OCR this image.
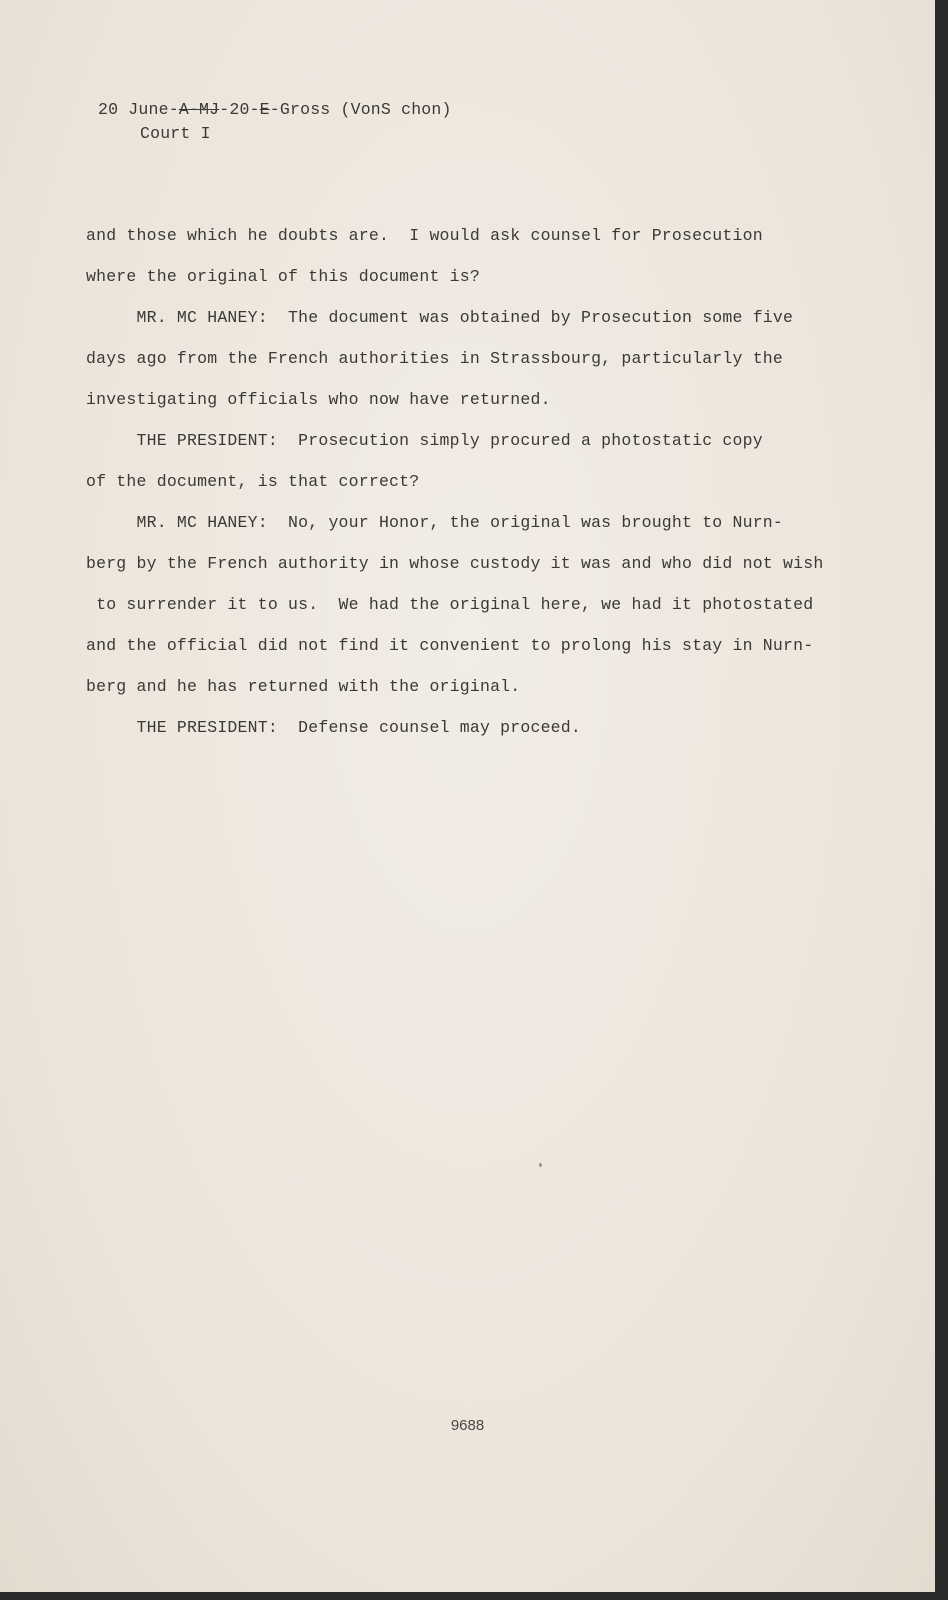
20 June-A-MJ-20-E-Gross (VonS chon)
Court I
and those which he doubts are.  I would ask counsel for Prosecution
where the original of this document is?
MR. MC HANEY:  The document was obtained by Prosecution some five
days ago from the French authorities in Strassbourg, particularly the
investigating officials who now have returned.
THE PRESIDENT:  Prosecution simply procured a photostatic copy
of the document, is that correct?
MR. MC HANEY:  No, your Honor, the original was brought to Nurn-
berg by the French authority in whose custody it was and who did not wish
to surrender it to us.  We had the original here, we had it photostated
and the official did not find it convenient to prolong his stay in Nurn-
berg and he has returned with the original.
THE PRESIDENT:  Defense counsel may proceed.
9688
